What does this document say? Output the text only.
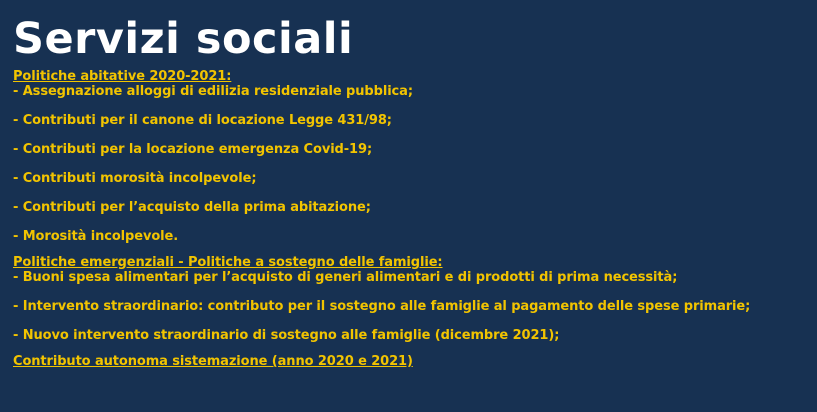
Servizi sociali
Politiche abitative 2020-2021:
- Assegnazione alloggi di edilizia residenziale pubblica;
- Contributi per il canone di locazione Legge 431/98;
- Contributi per la locazione emergenza Covid-19;
- Contributi morosità incolpevole;
- Contributi per l’acquisto della prima abitazione;
- Morosità incolpevole.
Politiche emergenziali - Politiche a sostegno delle famiglie:
- Buoni spesa alimentari per l’acquisto di generi alimentari e di prodotti di prima necessità;
- Intervento straordinario: contributo per il sostegno alle famiglie al pagamento delle spese primarie;
- Nuovo intervento straordinario di sostegno alle famiglie (dicembre 2021);
Contributo autonoma sistemazione (anno 2020 e 2021)
